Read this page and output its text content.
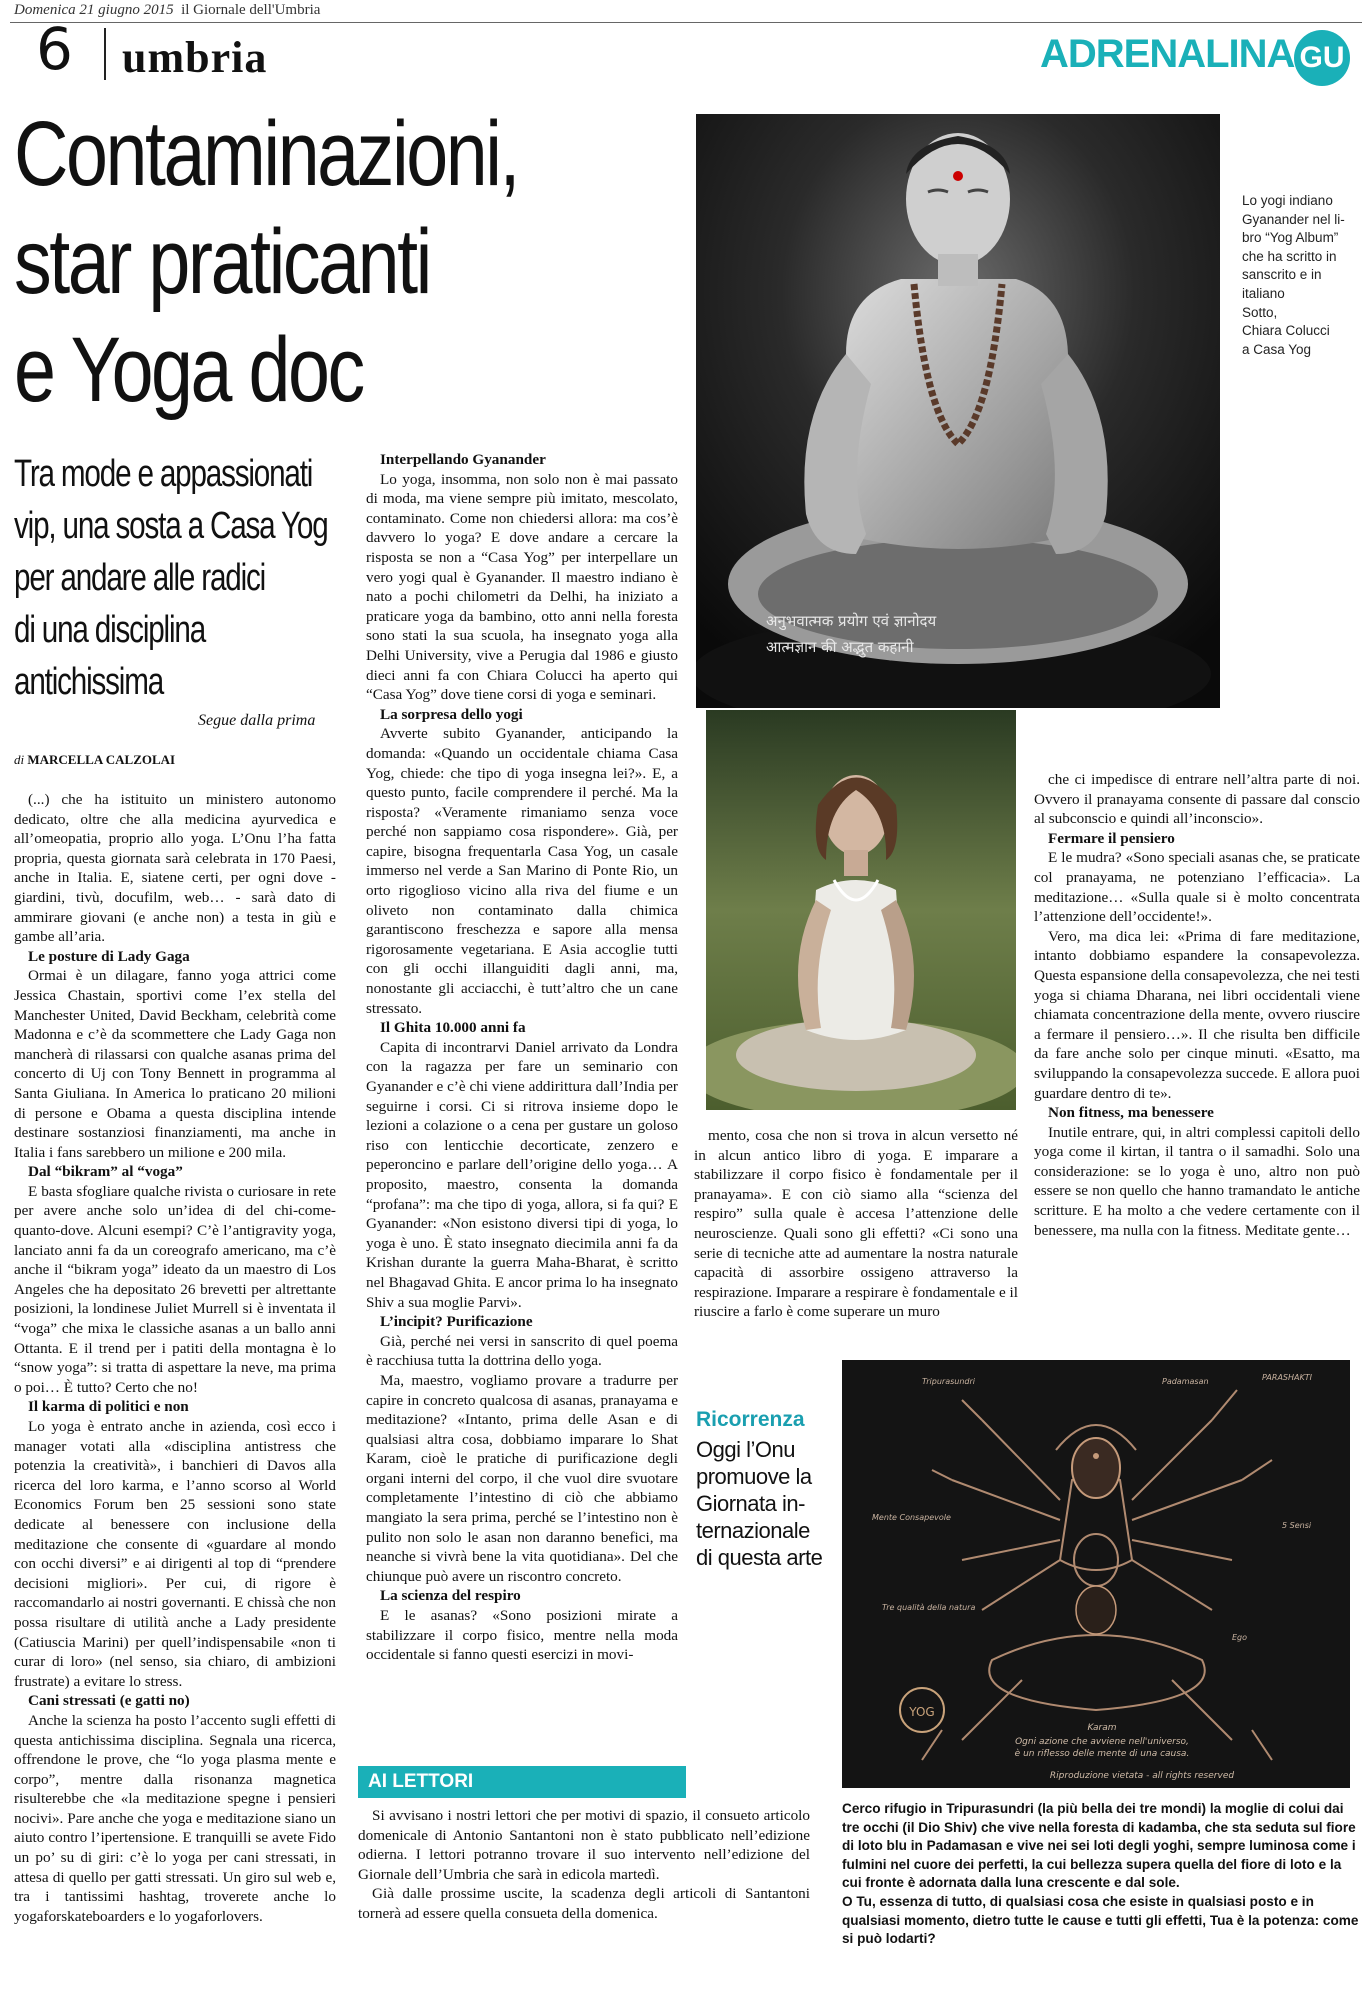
Domenica 21 giugno 2015 il Giornale dell'Umbria
6 umbria	ADRENALINA GU
Contaminazioni,
star praticanti
e Yoga doc
Tra mode e appassionati
vip, una sosta a Casa Yog
per andare alle radici
di una disciplina
antichissima
Segue dalla prima
di MARCELLA CALZOLAI

(...) che ha istituito un ministero autonomo dedicato, oltre che alla medicina ayurvedica e all’omeopatia, proprio allo yoga. L’Onu l’ha fatta propria, questa giornata sarà celebrata in 170 Paesi, anche in Italia. E, siatene certi, per ogni dove - giardini, tivù, docufilm, web… - sarà dato di ammirare giovani (e anche non) a testa in giù e gambe all’aria.

Le posture di Lady Gaga

Ormai è un dilagare, fanno yoga attrici come Jessica Chastain, sportivi come l’ex stella del Manchester United, David Beckham, celebrità come Madonna e c’è da scommettere che Lady Gaga non mancherà di rilassarsi con qualche asanas prima del concerto di Uj con Tony Bennett in programma al Santa Giuliana. In America lo praticano 20 milioni di persone e Obama a questa disciplina intende destinare sostanziosi finanziamenti, ma anche in Italia i fans sarebbero un milione e 200 mila.

Dal “bikram” al “voga”

E basta sfogliare qualche rivista o curiosare in rete per avere anche solo un’idea di del chi-come-quanto-dove. Alcuni esempi? C’è l’antigravity yoga, lanciato anni fa da un coreografo americano, ma c’è anche il “bikram yoga” ideato da un maestro di Los Angeles che ha depositato 26 brevetti per altrettante posizioni, la londinese Juliet Murrell si è inventata il “voga” che mixa le classiche asanas a un ballo anni Ottanta. E il trend per i patiti della montagna è lo “snow yoga”: si tratta di aspettare la neve, ma prima o poi… È tutto? Certo che no!

Il karma di politici e non

Lo yoga è entrato anche in azienda, così ecco i manager votati alla «disciplina antistress che potenzia la creatività», i banchieri di Davos alla ricerca del loro karma, e l’anno scorso al World Economics Forum ben 25 sessioni sono state dedicate al benessere con inclusione della meditazione che consente di «guardare al mondo con occhi diversi” e ai dirigenti al top di “prendere decisioni migliori». Per cui, di rigore è raccomandarlo ai nostri governanti. E chissà che non possa risultare di utilità anche a Lady presidente (Catiuscia Marini) per quell’indispensabile «non ti curar di loro» (nel senso, sia chiaro, di ambizioni frustrate) a evitare lo stress.

Cani stressati (e gatti no)

Anche la scienza ha posto l’accento sugli effetti di questa antichissima disciplina. Segnala una ricerca, offrendone le prove, che “lo yoga plasma mente e corpo”, mentre dalla risonanza magnetica risulterebbe che «la meditazione spegne i pensieri nocivi». Pare anche che yoga e meditazione siano un aiuto contro l’ipertensione. E tranquilli se avete Fido un po’ su di giri: c’è lo yoga per cani stressati, in attesa di quello per gatti stressati. Un giro sul web e, tra i tantissimi hashtag, troverete anche lo yogaforskateboarders e lo yogaforlovers.

Interpellando Gyanander

Lo yoga, insomma, non solo non è mai passato di moda, ma viene sempre più imitato, mescolato, contaminato. Come non chiedersi allora: ma cos’è davvero lo yoga? E dove andare a cercare la risposta se non a “Casa Yog” per interpellare un vero yogi qual è Gyanander. Il maestro indiano è nato a pochi chilometri da Delhi, ha iniziato a praticare yoga da bambino, otto anni nella foresta sono stati la sua scuola, ha insegnato yoga alla Delhi University, vive a Perugia dal 1986 e giusto dieci anni fa con Chiara Colucci ha aperto qui “Casa Yog” dove tiene corsi di yoga e seminari.

La sorpresa dello yogi

Avverte subito Gyanander, anticipando la domanda: «Quando un occidentale chiama Casa Yog, chiede: che tipo di yoga insegna lei?». E, a questo punto, facile comprendere il perché. Ma la risposta? «Veramente rimaniamo senza voce perché non sappiamo cosa rispondere». Già, per capire, bisogna frequentarla Casa Yog, un casale immerso nel verde a San Marino di Ponte Rio, un orto rigoglioso vicino alla riva del fiume e un oliveto non contaminato dalla chimica garantiscono freschezza e sapore alla mensa rigorosamente vegetariana. E Asia accoglie tutti con gli occhi illanguiditi dagli anni, ma, nonostante gli acciacchi, è tutt’altro che un cane stressato.

Il Ghita 10.000 anni fa

Capita di incontrarvi Daniel arrivato da Londra con la ragazza per fare un seminario con Gyanander e c’è chi viene addirittura dall’India per seguirne i corsi. Ci si ritrova insieme dopo le lezioni a colazione o a cena per gustare un goloso riso con lenticchie decorticate, zenzero e peperoncino e parlare dell’origine dello yoga… A proposito, maestro, consenta la domanda “profana”: ma che tipo di yoga, allora, si fa qui? E Gyanander: «Non esistono diversi tipi di yoga, lo yoga è uno. È stato insegnato diecimila anni fa da Krishan durante la guerra Maha-Bharat, è scritto nel Bhagavad Ghita. E ancor prima lo ha insegnato Shiv a sua moglie Parvi».

L’incipit? Purificazione

Già, perché nei versi in sanscrito di quel poema è racchiusa tutta la dottrina dello yoga.

Ma, maestro, vogliamo provare a tradurre per capire in concreto qualcosa di asanas, pranayama e meditazione? «Intanto, prima delle Asan e di qualsiasi altra cosa, dobbiamo imparare lo Shat Karam, cioè le pratiche di purificazione degli organi interni del corpo, il che vuol dire svuotare completamente l’intestino di ciò che abbiamo mangiato la sera prima, perché se l’intestino non è pulito non solo le asan non daranno benefici, ma neanche si vivrà bene la vita quotidiana». Del che chiunque può avere un riscontro concreto.

La scienza del respiro

E le asanas? «Sono posizioni mirate a stabilizzare il corpo fisico, mentre nella moda occidentale si fanno questi esercizi in movi-

mento, cosa che non si trova in alcun versetto né in alcun antico libro di yoga. E imparare a stabilizzare il corpo fisico è fondamentale per il pranayama». E con ciò siamo alla “scienza del respiro” sulla quale è accesa l’attenzione delle neuroscienze. Quali sono gli effetti? «Ci sono una serie di tecniche atte ad aumentare la nostra naturale capacità di assorbire ossigeno attraverso la respirazione. Imparare a respirare è fondamentale e il riuscire a farlo è come superare un muro

che ci impedisce di entrare nell’altra parte di noi. Ovvero il pranayama consente di passare dal conscio al subconscio e quindi all’inconscio».

Fermare il pensiero

E le mudra? «Sono speciali asanas che, se praticate col pranayama, ne potenziano l’efficacia». La meditazione… «Sulla quale si è molto concentrata l’attenzione dell’occidente!».

Vero, ma dica lei: «Prima di fare meditazione, intanto dobbiamo espandere la consapevolezza. Questa espansione della consapevolezza, che nei testi yoga si chiama Dharana, nei libri occidentali viene chiamata concentrazione della mente, ovvero riuscire a fermare il pensiero…». Il che risulta ben difficile da fare anche solo per cinque minuti. «Esatto, ma sviluppando la consapevolezza succede. E allora puoi guardare dentro di te».

Non fitness, ma benessere

Inutile entrare, qui, in altri complessi capitoli dello yoga come il kirtan, il tantra o il samadhi. Solo una considerazione: se lo yoga è uno, altro non può essere se non quello che hanno tramandato le antiche scritture. E ha molto a che vedere certamente con il benessere, ma nulla con la fitness. Meditate gente…

अनुभवात्मक प्रयोग एवं ज्ञानोदय
आत्मज्ञान की अद्भुत कहानी
Lo yogi indiano
Gyanander nel li-
bro “Yog Album”
che ha scritto in
sanscrito e in
italiano
Sotto,
Chiara Colucci
a Casa Yog
YOG
PARASHAKTI
Tripurasundri	Padamasan
Mente Consapevole
5 Sensi
Tre qualità della natura
Ego
Karam
Ogni azione che avviene nell'universo,
è un riflesso delle mente di una causa.
Riproduzione vietata - all rights reserved
Ricorrenza
Oggi l’Onu
promuove la
Giornata in-
ternazionale
di questa arte
AI LETTORI

Si avvisano i nostri lettori che per motivi di spazio, il consueto articolo domenicale di Antonio Santantoni non è stato pubblicato nell’edizione odierna. I lettori potranno trovare il suo intervento nell’edizione del Giornale dell’Umbria che sarà in edicola martedì.

Già dalle prossime uscite, la scadenza degli articoli di Santantoni tornerà ad essere quella consueta della domenica.

Cerco rifugio in Tripurasundri (la più bella dei tre mondi) la moglie di colui dai tre occhi (il Dio Shiv) che vive nella foresta di kadamba, che sta seduta sul fiore di loto blu in Padamasan e vive nei sei loti degli yoghi, sempre luminosa come i fulmini nel cuore dei perfetti, la cui bellezza supera quella del fiore di loto e la cui fronte è adornata dalla luna crescente e dal sole.

O Tu, essenza di tutto, di qualsiasi cosa che esiste in qualsiasi posto e in qualsiasi momento, dietro tutte le cause e tutti gli effetti, Tua è la potenza: come si può lodarti?
